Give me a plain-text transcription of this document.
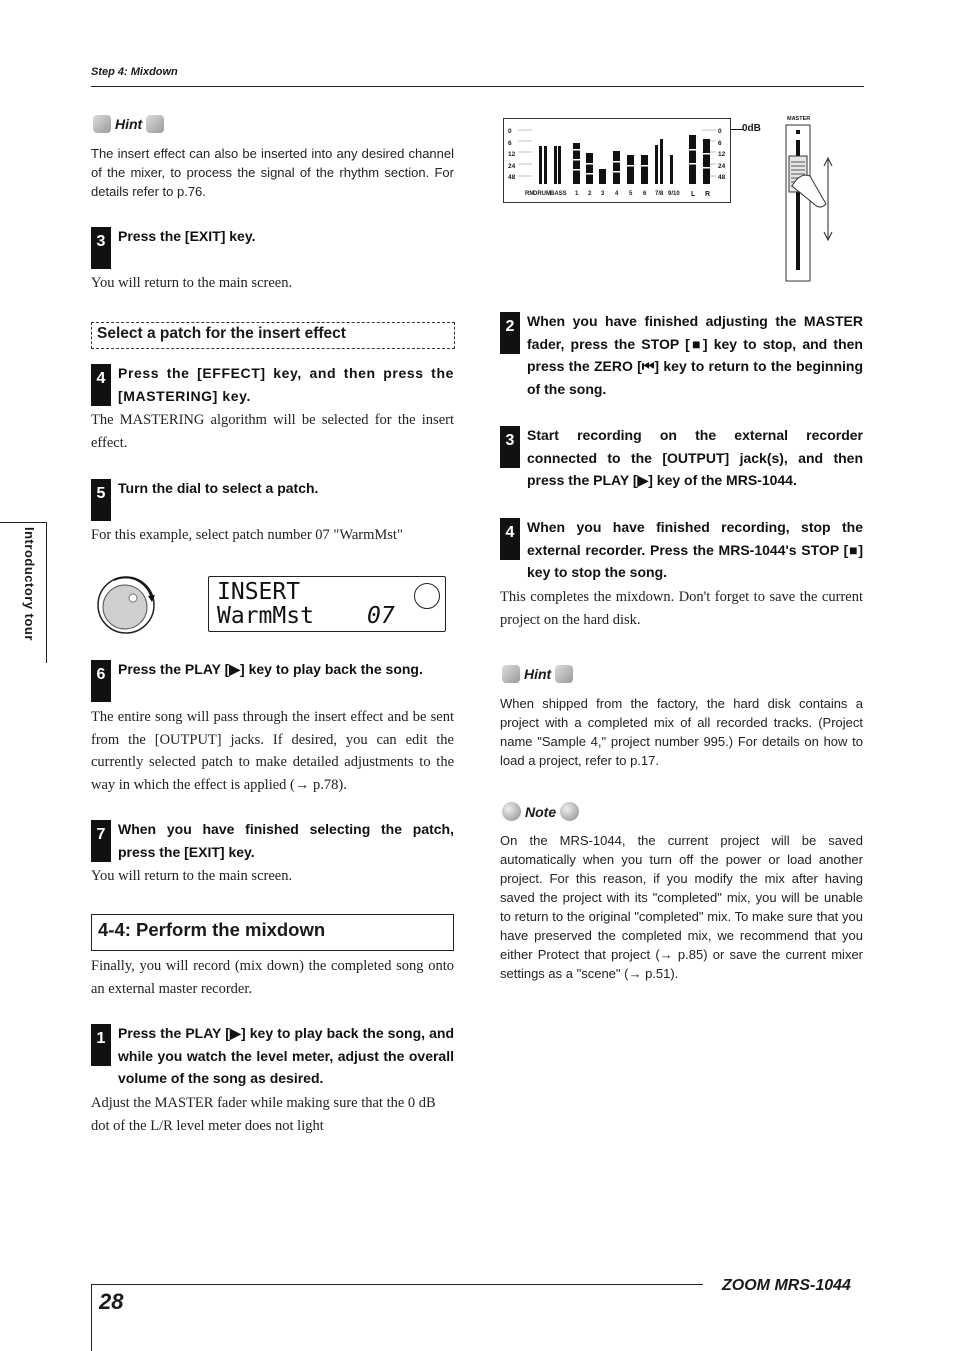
Step 4: Mixdown
Introductory tour
Hint
The insert effect can also be inserted into any desired channel of the mixer, to process the signal of the rhythm section. For details refer to p.76.
3 Press the [EXIT] key.
You will return to the main screen.
Select a patch for the insert effect
4 Press the [EFFECT] key, and then press the [MASTERING] key.
The MASTERING algorithm will be selected for the insert effect.
5 Turn the dial to select a patch.
For this example, select patch number 07 "WarmMst"
INSERT
WarmMst 07
6 Press the PLAY [▶] key to play back the song.
The entire song will pass through the insert effect and be sent from the [OUTPUT] jacks. If desired, you can edit the currently selected patch to make detailed adjustments to the way in which the effect is applied (→ p.78).
7 When you have finished selecting the patch, press the [EXIT] key.
You will return to the main screen.
4-4: Perform the mixdown
Finally, you will record (mix down) the completed song onto an external master recorder.
1 Press the PLAY [▶] key to play back the song, and while you watch the level meter, adjust the overall volume of the song as desired.
Adjust the MASTER fader while making sure that the 0 dB dot of the L/R level meter does not light
0
6
12
24
48
0
6
12
24
48
RM
DRUM BASS 1 2 3 4 5 6 7/8 9/10 L R
0dB
MASTER
2 When you have finished adjusting the MASTER fader, press the STOP [■] key to stop, and then press the ZERO [⏮] key to return to the beginning of the song.
3 Start recording on the external recorder connected to the [OUTPUT] jack(s), and then press the PLAY [▶] key of the MRS-1044.
4 When you have finished recording, stop the external recorder. Press the MRS-1044's STOP [■] key to stop the song.
This completes the mixdown. Don't forget to save the current project on the hard disk.
Hint
When shipped from the factory, the hard disk contains a project with a completed mix of all recorded tracks. (Project name "Sample 4," project number 995.) For details on how to load a project, refer to p.17.
Note
On the MRS-1044, the current project will be saved automatically when you turn off the power or load another project. For this reason, if you modify the mix after having saved the project with its "completed" mix, you will be unable to return to the original "completed" mix. To make sure that you have preserved the completed mix, we recommend that you either Protect that project (→ p.85) or save the current mixer settings as a "scene" (→ p.51).
28
ZOOM MRS-1044
